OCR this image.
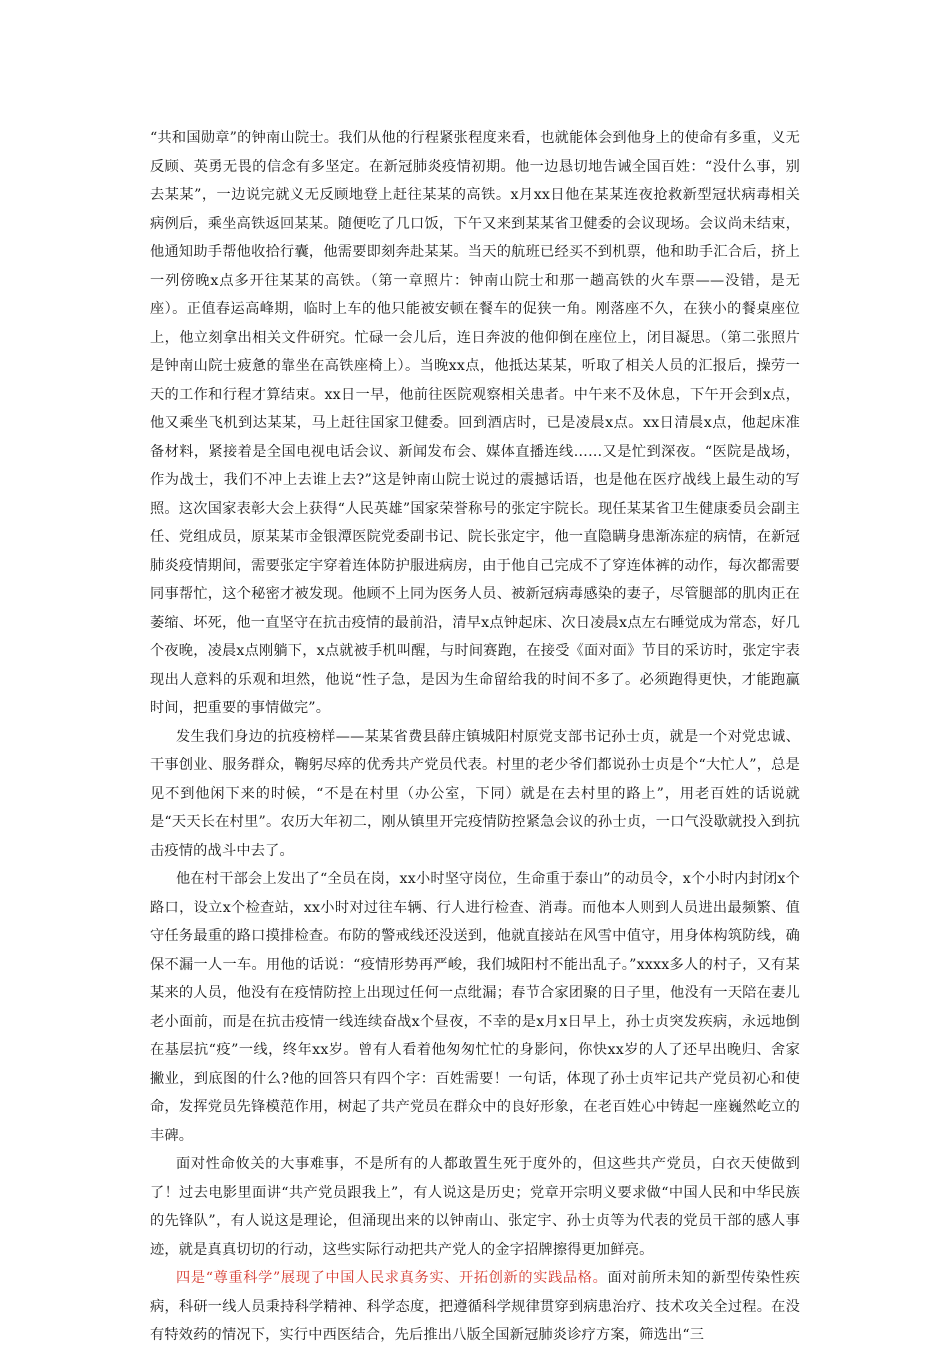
“共和国勋章”的钟南山院士。我们从他的行程紧张程度来看，也就能体会到他身上的使命有多重，义无反顾、英勇无畏的信念有多坚定。在新冠肺炎疫情初期。他一边恳切地告诫全国百姓：“没什么事，别去某某”，一边说完就义无反顾地登上赶往某某的高铁。x月xx日他在某某连夜抢救新型冠状病毒相关病例后，乘坐高铁返回某某。随便吃了几口饭，下午又来到某某省卫健委的会议现场。会议尚未结束，他通知助手帮他收拾行囊，他需要即刻奔赴某某。当天的航班已经买不到机票，他和助手汇合后，挤上一列傍晚x点多开往某某的高铁。（第一章照片：钟南山院士和那一趟高铁的火车票——没错，是无座）。正值春运高峰期，临时上车的他只能被安顿在餐车的促狭一角。刚落座不久，在狭小的餐桌座位上，他立刻拿出相关文件研究。忙碌一会儿后，连日奔波的他仰倒在座位上，闭目凝思。（第二张照片是钟南山院士疲惫的靠坐在高铁座椅上）。当晚xx点，他抵达某某，听取了相关人员的汇报后，操劳一天的工作和行程才算结束。xx日一早，他前往医院观察相关患者。中午来不及休息，下午开会到x点，他又乘坐飞机到达某某，马上赶往国家卫健委。回到酒店时，已是凌晨x点。xx日清晨x点，他起床准备材料，紧接着是全国电视电话会议、新闻发布会、媒体直播连线……又是忙到深夜。“医院是战场，作为战士，我们不冲上去谁上去?”这是钟南山院士说过的震撼话语，也是他在医疗战线上最生动的写照。这次国家表彰大会上获得“人民英雄”国家荣誉称号的张定宇院长。现任某某省卫生健康委员会副主任、党组成员，原某某市金银潭医院党委副书记、院长张定宇，他一直隐瞒身患渐冻症的病情，在新冠肺炎疫情期间，需要张定宇穿着连体防护服进病房，由于他自己完成不了穿连体裤的动作，每次都需要同事帮忙，这个秘密才被发现。他顾不上同为医务人员、被新冠病毒感染的妻子，尽管腿部的肌肉正在萎缩、坏死，他一直坚守在抗击疫情的最前沿，清早x点钟起床、次日凌晨x点左右睡觉成为常态，好几个夜晚，凌晨x点刚躺下，x点就被手机叫醒，与时间赛跑，在接受《面对面》节目的采访时，张定宇表现出人意料的乐观和坦然，他说“性子急，是因为生命留给我的时间不多了。必须跑得更快，才能跑赢时间，把重要的事情做完”。

发生我们身边的抗疫榜样——某某省费县薛庄镇城阳村原党支部书记孙士贞，就是一个对党忠诚、干事创业、服务群众，鞠躬尽瘁的优秀共产党员代表。村里的老少爷们都说孙士贞是个“大忙人”，总是见不到他闲下来的时候，“不是在村里（办公室，下同）就是在去村里的路上”，用老百姓的话说就是“天天长在村里”。农历大年初二，刚从镇里开完疫情防控紧急会议的孙士贞，一口气没歇就投入到抗击疫情的战斗中去了。

他在村干部会上发出了“全员在岗，xx小时坚守岗位，生命重于泰山”的动员令，x个小时内封闭x个路口，设立x个检查站，xx小时对过往车辆、行人进行检查、消毒。而他本人则到人员进出最频繁、值守任务最重的路口摸排检查。布防的警戒线还没送到，他就直接站在风雪中值守，用身体构筑防线，确保不漏一人一车。用他的话说：“疫情形势再严峻，我们城阳村不能出乱子。”xxxx多人的村子，又有某某来的人员，他没有在疫情防控上出现过任何一点纰漏；春节合家团聚的日子里，他没有一天陪在妻儿老小面前，而是在抗击疫情一线连续奋战x个昼夜，不幸的是x月x日早上，孙士贞突发疾病，永远地倒在基层抗“疫”一线，终年xx岁。曾有人看着他匆匆忙忙的身影问，你快xx岁的人了还早出晚归、舍家撇业，到底图的什么?他的回答只有四个字：百姓需要！一句话，体现了孙士贞牢记共产党员初心和使命，发挥党员先锋模范作用，树起了共产党员在群众中的良好形象，在老百姓心中铸起一座巍然屹立的丰碑。

面对性命攸关的大事难事，不是所有的人都敢置生死于度外的，但这些共产党员，白衣天使做到了！过去电影里面讲“共产党员跟我上”，有人说这是历史；党章开宗明义要求做“中国人民和中华民族的先锋队”，有人说这是理论，但涌现出来的以钟南山、张定宇、孙士贞等为代表的党员干部的感人事迹，就是真真切切的行动，这些实际行动把共产党人的金字招牌擦得更加鲜亮。

四是“尊重科学”展现了中国人民求真务实、开拓创新的实践品格。面对前所未知的新型传染性疾病，科研一线人员秉持科学精神、科学态度，把遵循科学规律贯穿到病患治疗、技术攻关全过程。在没有特效药的情况下，实行中西医结合，先后推出八版全国新冠肺炎诊疗方案，筛选出“三
